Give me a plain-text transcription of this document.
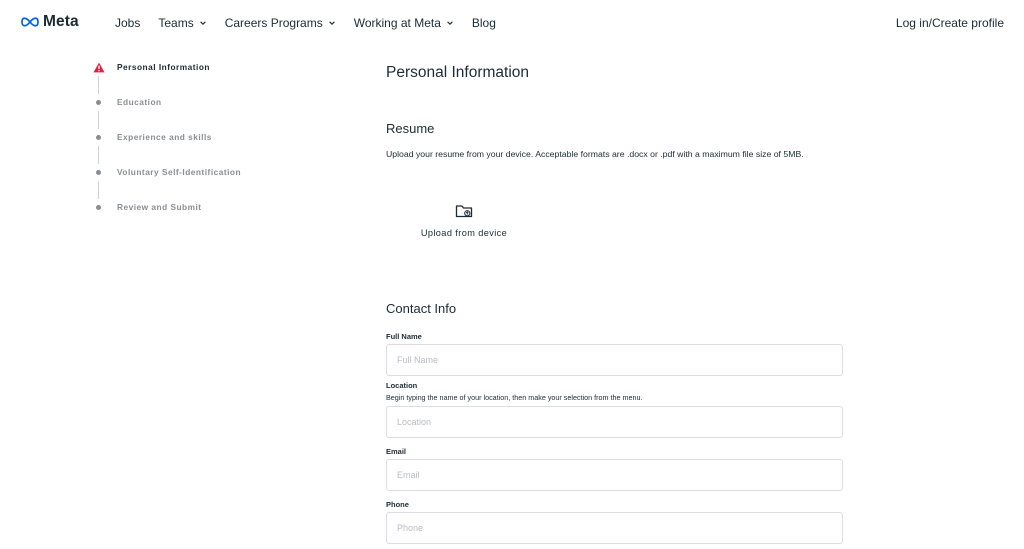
Meta	Jobs Teams	Careers Programs	Working at Meta	Blog	Log in/Create profile
Personal Information
Education
Experience and skills
Voluntary Self-Identification
Review and Submit
Personal Information
Resume

Upload your resume from your device. Acceptable formats are .docx or .pdf with a maximum file size of 5MB.

Upload from device
Contact Info
Full Name
Full Name
Location
Begin typing the name of your location, then make your selection from the menu.
Location
Email
Email
Phone
Phone
